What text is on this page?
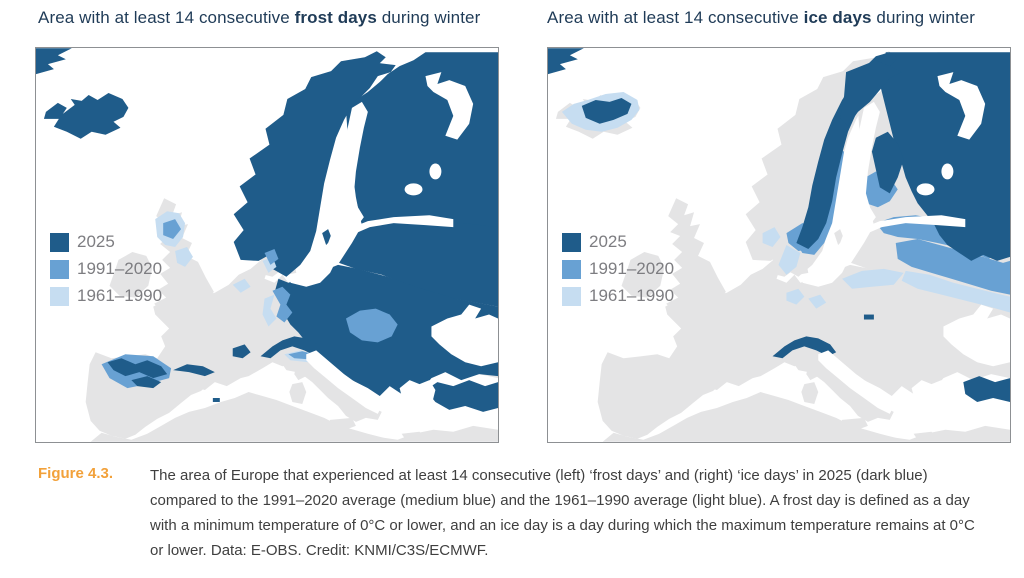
Area with at least 14 consecutive frost days during winter	Area with at least 14 consecutive ice days during winter
2025
1991–2020
1961–1990
2025
1991–2020
1961–1990
Figure 4.3.	The area of Europe that experienced at least 14 consecutive (left) ‘frost days’ and (right) ‘ice days’ in 2025 (dark blue) compared to the 1991–2020 average (medium blue) and the 1961–1990 average (light blue). A frost day is defined as a day with a minimum temperature of 0°C or lower, and an ice day is a day during which the maximum temperature remains at 0°C or lower. Data: E-OBS. Credit: KNMI/C3S/ECMWF.
